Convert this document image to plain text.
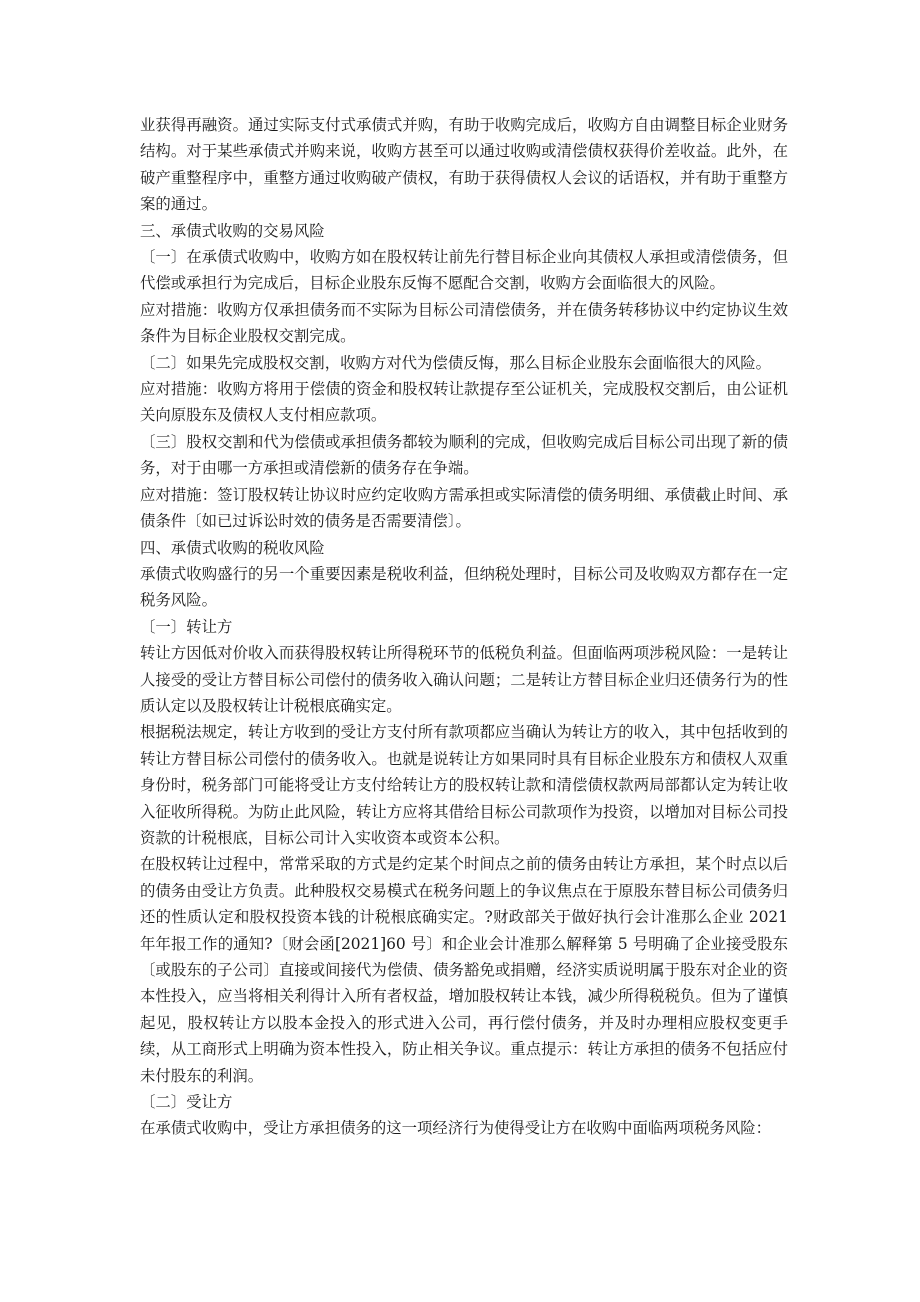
业获得再融资。通过实际支付式承债式并购，有助于收购完成后，收购方自由调整目标企业财务结构。对于某些承债式并购来说，收购方甚至可以通过收购或清偿债权获得价差收益。此外，在破产重整程序中，重整方通过收购破产债权，有助于获得债权人会议的话语权，并有助于重整方案的通过。

三、承债式收购的交易风险

〔一〕在承债式收购中，收购方如在股权转让前先行替目标企业向其债权人承担或清偿债务，但代偿或承担行为完成后，目标企业股东反悔不愿配合交割，收购方会面临很大的风险。

应对措施：收购方仅承担债务而不实际为目标公司清偿债务，并在债务转移协议中约定协议生效条件为目标企业股权交割完成。

〔二〕如果先完成股权交割，收购方对代为偿债反悔，那么目标企业股东会面临很大的风险。

应对措施：收购方将用于偿债的资金和股权转让款提存至公证机关，完成股权交割后，由公证机关向原股东及债权人支付相应款项。

〔三〕股权交割和代为偿债或承担债务都较为顺利的完成，但收购完成后目标公司出现了新的债务，对于由哪一方承担或清偿新的债务存在争端。

应对措施：签订股权转让协议时应约定收购方需承担或实际清偿的债务明细、承债截止时间、承债条件〔如已过诉讼时效的债务是否需要清偿〕。

四、承债式收购的税收风险

承债式收购盛行的另一个重要因素是税收利益，但纳税处理时，目标公司及收购双方都存在一定税务风险。

〔一〕转让方

转让方因低对价收入而获得股权转让所得税环节的低税负利益。但面临两项涉税风险：一是转让人接受的受让方替目标公司偿付的债务收入确认问题；二是转让方替目标企业归还债务行为的性质认定以及股权转让计税根底确实定。

根据税法规定，转让方收到的受让方支付所有款项都应当确认为转让方的收入，其中包括收到的转让方替目标公司偿付的债务收入。也就是说转让方如果同时具有目标企业股东方和债权人双重身份时，税务部门可能将受让方支付给转让方的股权转让款和清偿债权款两局部都认定为转让收入征收所得税。为防止此风险，转让方应将其借给目标公司款项作为投资，以增加对目标公司投资款的计税根底，目标公司计入实收资本或资本公积。

在股权转让过程中，常常采取的方式是约定某个时间点之前的债务由转让方承担，某个时点以后的债务由受让方负责。此种股权交易模式在税务问题上的争议焦点在于原股东替目标公司债务归还的性质认定和股权投资本钱的计税根底确实定。?财政部关于做好执行会计准那么企业 2021 年年报工作的通知?〔财会函[2021]60 号〕和企业会计准那么解释第 5 号明确了企业接受股东〔或股东的子公司〕直接或间接代为偿债、债务豁免或捐赠，经济实质说明属于股东对企业的资本性投入，应当将相关利得计入所有者权益，增加股权转让本钱，减少所得税税负。但为了谨慎起见，股权转让方以股本金投入的形式进入公司，再行偿付债务，并及时办理相应股权变更手续，从工商形式上明确为资本性投入，防止相关争议。重点提示：转让方承担的债务不包括应付未付股东的利润。

〔二〕受让方

在承债式收购中，受让方承担债务的这一项经济行为使得受让方在收购中面临两项税务风险：
